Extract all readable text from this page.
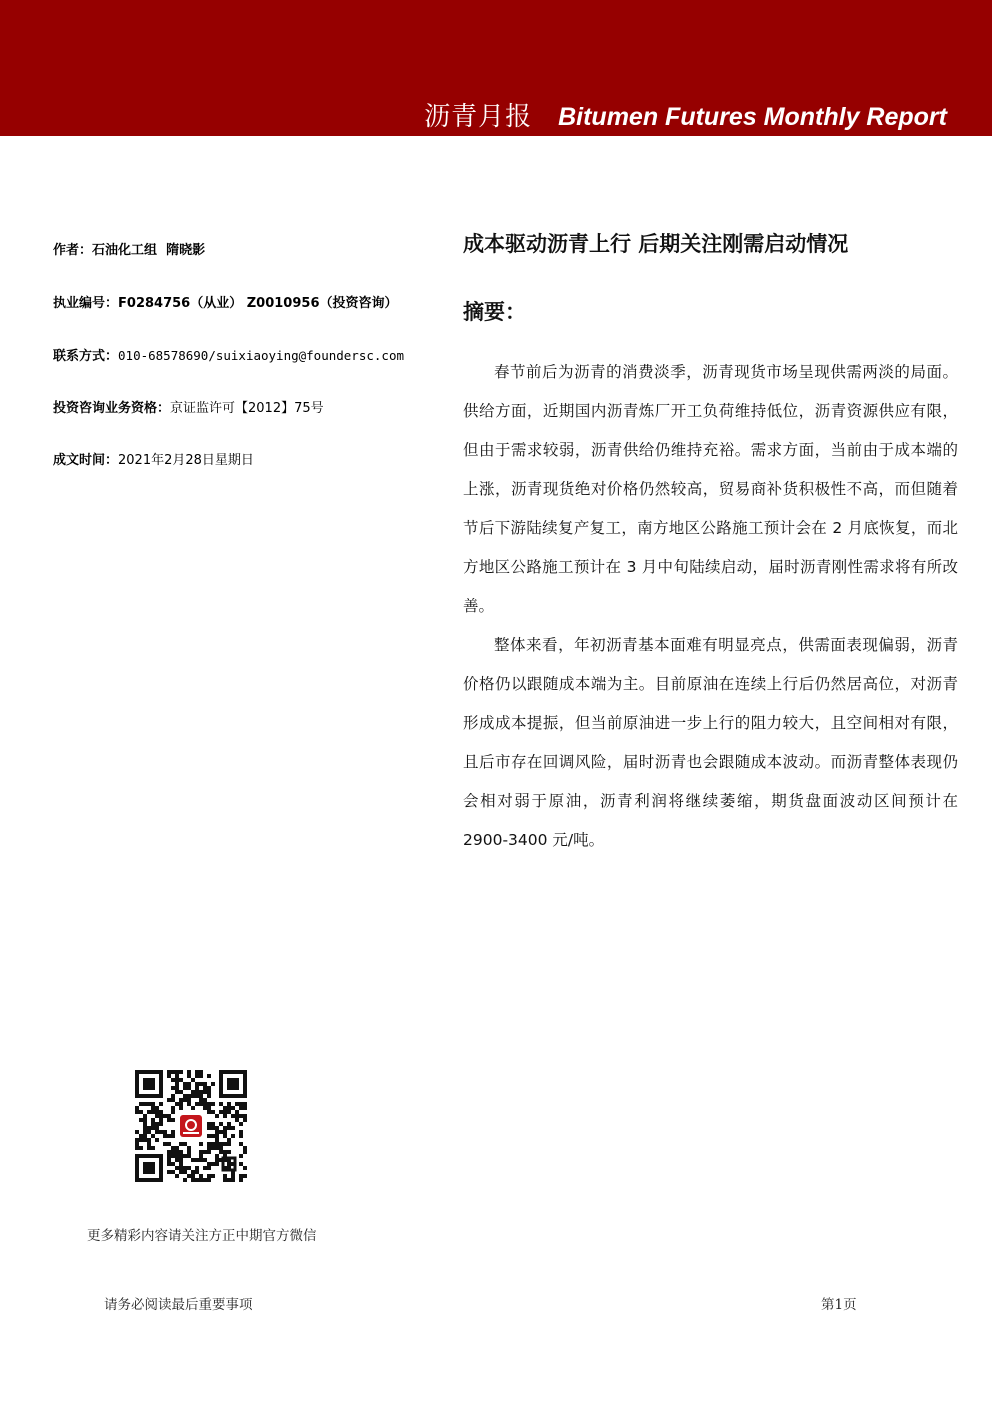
沥青月报 Bitumen Futures Monthly Report
作者：石油化工组  隋晓影
执业编号：F0284756（从业） Z0010956（投资咨询）
联系方式：010-68578690/suixiaoying@foundersc.com
投资咨询业务资格：京证监许可【2012】75号
成文时间：2021年2月28日星期日
成本驱动沥青上行 后期关注刚需启动情况
摘要：

春节前后为沥青的消费淡季，沥青现货市场呈现供需两淡的局面。供给方面，近期国内沥青炼厂开工负荷维持低位，沥青资源供应有限，但由于需求较弱，沥青供给仍维持充裕。需求方面，当前由于成本端的上涨，沥青现货绝对价格仍然较高，贸易商补货积极性不高，而但随着节后下游陆续复产复工，南方地区公路施工预计会在 2 月底恢复，而北方地区公路施工预计在 3 月中旬陆续启动，届时沥青刚性需求将有所改善。

整体来看，年初沥青基本面难有明显亮点，供需面表现偏弱，沥青价格仍以跟随成本端为主。目前原油在连续上行后仍然居高位，对沥青形成成本提振，但当前原油进一步上行的阻力较大，且空间相对有限，且后市存在回调风险，届时沥青也会跟随成本波动。而沥青整体表现仍会相对弱于原油，沥青利润将继续萎缩，期货盘面波动区间预计在 2900-3400 元/吨。

更多精彩内容请关注方正中期官方微信
请务必阅读最后重要事项	第1页
